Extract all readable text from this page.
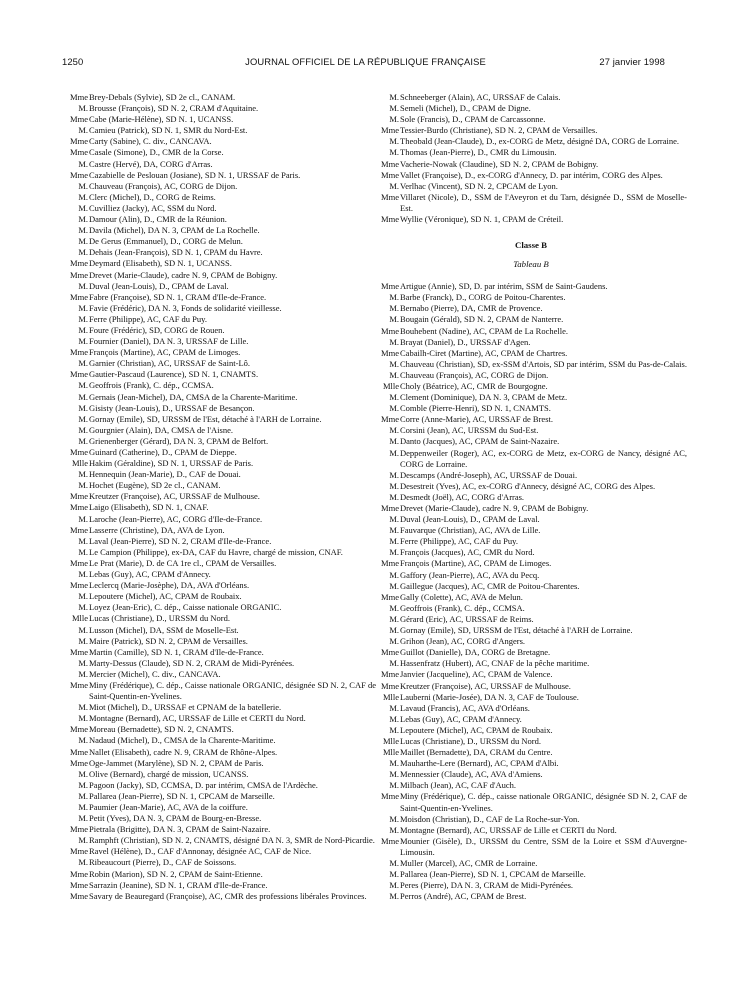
1250	JOURNAL OFFICIEL DE LA RÉPUBLIQUE FRANÇAISE	27 janvier 1998
Mme Brey-Debals (Sylvie), SD 2e cl., CANAM.
M. Brousse (François), SD N. 2, CRAM d'Aquitaine.
Mme Cabe (Marie-Hélène), SD N. 1, UCANSS.
M. Camieu (Patrick), SD N. 1, SMR du Nord-Est.
Mme Carty (Sabine), C. div., CANCAVA.
Mme Casale (Simone), D., CMR de la Corse.
M. Castre (Hervé), DA, CORG d'Arras.
Mme Cazabielle de Peslouan (Josiane), SD N. 1, URSSAF de Paris.
M. Chauveau (François), AC, CORG de Dijon.
M. Clerc (Michel), D., CORG de Reims.
M. Cuvilliez (Jacky), AC, SSM du Nord.
M. Damour (Alin), D., CMR de la Réunion.
M. Davila (Michel), DA N. 3, CPAM de La Rochelle.
M. De Gerus (Emmanuel), D., CORG de Melun.
M. Dehais (Jean-François), SD N. 1, CPAM du Havre.
Mme Deymard (Elisabeth), SD N. 1, UCANSS.
Mme Drevet (Marie-Claude), cadre N. 9, CPAM de Bobigny.
M. Duval (Jean-Louis), D., CPAM de Laval.
Mme Fabre (Françoise), SD N. 1, CRAM d'Ile-de-France.
M. Favie (Frédéric), DA N. 3, Fonds de solidarité vieillesse.
M. Ferre (Philippe), AC, CAF du Puy.
M. Foure (Frédéric), SD, CORG de Rouen.
M. Fournier (Daniel), DA N. 3, URSSAF de Lille.
Mme François (Martine), AC, CPAM de Limoges.
M. Garnier (Christian), AC, URSSAF de Saint-Lô.
Mme Gautier-Pascaud (Laurence), SD N. 1, CNAMTS.
M. Geoffrois (Frank), C. dép., CCMSA.
M. Gernais (Jean-Michel), DA, CMSA de la Charente-Maritime.
M. Gisisty (Jean-Louis), D., URSSAF de Besançon.
M. Gornay (Emile), SD, URSSM de l'Est, détaché à l'ARH de Lorraine.
M. Gourgnier (Alain), DA, CMSA de l'Aisne.
M. Grienenberger (Gérard), DA N. 3, CPAM de Belfort.
Mme Guinard (Catherine), D., CPAM de Dieppe.
Mlle Hakim (Géraldine), SD N. 1, URSSAF de Paris.
M. Hennequin (Jean-Marie), D., CAF de Douai.
M. Hochet (Eugène), SD 2e cl., CANAM.
Mme Kreutzer (Françoise), AC, URSSAF de Mulhouse.
Mme Laigo (Elisabeth), SD N. 1, CNAF.
M. Laroche (Jean-Pierre), AC, CORG d'Ile-de-France.
Mme Lasserre (Christine), DA, AVA de Lyon.
M. Laval (Jean-Pierre), SD N. 2, CRAM d'Ile-de-France.
M. Le Campion (Philippe), ex-DA, CAF du Havre, chargé de mission, CNAF.
Mme Le Prat (Marie), D. de CA 1re cl., CPAM de Versailles.
M. Lebas (Guy), AC, CPAM d'Annecy.
Mme Leclercq (Marie-Josèphe), DA, AVA d'Orléans.
M. Lepoutere (Michel), AC, CPAM de Roubaix.
M. Loyez (Jean-Eric), C. dép., Caisse nationale ORGANIC.
Mlle Lucas (Christiane), D., URSSM du Nord.
M. Lusson (Michel), DA, SSM de Moselle-Est.
M. Maire (Patrick), SD N. 2, CPAM de Versailles.
Mme Martin (Camille), SD N. 1, CRAM d'Ile-de-France.
M. Marty-Dessus (Claude), SD N. 2, CRAM de Midi-Pyrénées.
M. Mercier (Michel), C. div., CANCAVA.
Mme Miny (Frédérique), C. dép., Caisse nationale ORGANIC, désignée SD N. 2, CAF de Saint-Quentin-en-Yvelines.
M. Miot (Michel), D., URSSAF et CPNAM de la batellerie.
M. Montagne (Bernard), AC, URSSAF de Lille et CERTI du Nord.
Mme Moreau (Bernadette), SD N. 2, CNAMTS.
M. Nadaud (Michel), D., CMSA de la Charente-Maritime.
Mme Nallet (Elisabeth), cadre N. 9, CRAM de Rhône-Alpes.
Mme Oge-Jammet (Marylène), SD N. 2, CPAM de Paris.
M. Olive (Bernard), chargé de mission, UCANSS.
M. Pagoon (Jacky), SD, CCMSA, D. par intérim, CMSA de l'Ardèche.
M. Pallarea (Jean-Pierre), SD N. 1, CPCAM de Marseille.
M. Paumier (Jean-Marie), AC, AVA de la coiffure.
M. Petit (Yves), DA N. 3, CPAM de Bourg-en-Bresse.
Mme Pietrala (Brigitte), DA N. 3, CPAM de Saint-Nazaire.
M. Ramphft (Christian), SD N. 2, CNAMTS, désigné DA N. 3, SMR de Nord-Picardie.
Mme Ravel (Hélène), D., CAF d'Annonay, désignée AC, CAF de Nice.
M. Ribeaucourt (Pierre), D., CAF de Soissons.
Mme Robin (Marion), SD N. 2, CPAM de Saint-Etienne.
Mme Sarrazin (Jeanine), SD N. 1, CRAM d'Ile-de-France.
Mme Savary de Beauregard (Françoise), AC, CMR des professions libérales Provinces.
M. Schneeberger (Alain), AC, URSSAF de Calais.
M. Semeli (Michel), D., CPAM de Digne.
M. Sole (Francis), D., CPAM de Carcassonne.
Mme Tessier-Burdo (Christiane), SD N. 2, CPAM de Versailles.
M. Theobald (Jean-Claude), D., ex-CORG de Metz, désigné DA, CORG de Lorraine.
M. Thomas (Jean-Pierre), D., CMR du Limousin.
Mme Vacherie-Nowak (Claudine), SD N. 2, CPAM de Bobigny.
Mme Vallet (Françoise), D., ex-CORG d'Annecy, D. par intérim, CORG des Alpes.
M. Verlhac (Vincent), SD N. 2, CPCAM de Lyon.
Mme Villaret (Nicole), D., SSM de l'Aveyron et du Tarn, désignée D., SSM de Moselle-Est.
Mme Wyllie (Véronique), SD N. 1, CPAM de Créteil.
Classe B
Tableau B
Mme Artigue (Annie), SD, D. par intérim, SSM de Saint-Gaudens.
M. Barbe (Franck), D., CORG de Poitou-Charentes.
M. Bernabo (Pierre), DA, CMR de Provence.
M. Bougain (Gérald), SD N. 2, CPAM de Nanterre.
Mme Bouhebent (Nadine), AC, CPAM de La Rochelle.
M. Brayat (Daniel), D., URSSAF d'Agen.
Mme Cabailh-Ciret (Martine), AC, CPAM de Chartres.
M. Chauveau (Christian), SD, ex-SSM d'Artois, SD par intérim, SSM du Pas-de-Calais.
M. Chauveau (François), AC, CORG de Dijon.
Mlle Choly (Béatrice), AC, CMR de Bourgogne.
M. Clement (Dominique), DA N. 3, CPAM de Metz.
M. Comble (Pierre-Henri), SD N. 1, CNAMTS.
Mme Corre (Anne-Marie), AC, URSSAF de Brest.
M. Corsini (Jean), AC, URSSM du Sud-Est.
M. Danto (Jacques), AC, CPAM de Saint-Nazaire.
M. Deppenweiler (Roger), AC, ex-CORG de Metz, ex-CORG de Nancy, désigné AC, CORG de Lorraine.
M. Descamps (André-Joseph), AC, URSSAF de Douai.
M. Desestreit (Yves), AC, ex-CORG d'Annecy, désigné AC, CORG des Alpes.
M. Desmedt (Joël), AC, CORG d'Arras.
Mme Drevet (Marie-Claude), cadre N. 9, CPAM de Bobigny.
M. Duval (Jean-Louis), D., CPAM de Laval.
M. Fauvarque (Christian), AC, AVA de Lille.
M. Ferre (Philippe), AC, CAF du Puy.
M. François (Jacques), AC, CMR du Nord.
Mme François (Martine), AC, CPAM de Limoges.
M. Gaffory (Jean-Pierre), AC, AVA du Pecq.
M. Gaillegue (Jacques), AC, CMR de Poitou-Charentes.
Mme Gally (Colette), AC, AVA de Melun.
M. Geoffrois (Frank), C. dép., CCMSA.
M. Gérard (Eric), AC, URSSAF de Reims.
M. Gornay (Emile), SD, URSSM de l'Est, détaché à l'ARH de Lorraine.
M. Grihon (Jean), AC, CORG d'Angers.
Mme Guillot (Danielle), DA, CORG de Bretagne.
M. Hassenfratz (Hubert), AC, CNAF de la pêche maritime.
Mme Janvier (Jacqueline), AC, CPAM de Valence.
Mme Kreutzer (Françoise), AC, URSSAF de Mulhouse.
Mlle Lauberni (Marie-Josée), DA N. 3, CAF de Toulouse.
M. Lavaud (Francis), AC, AVA d'Orléans.
M. Lebas (Guy), AC, CPAM d'Annecy.
M. Lepoutere (Michel), AC, CPAM de Roubaix.
Mlle Lucas (Christiane), D., URSSM du Nord.
Mlle Maillet (Bernadette), DA, CRAM du Centre.
M. Mauharthe-Lere (Bernard), AC, CPAM d'Albi.
M. Mennessier (Claude), AC, AVA d'Amiens.
M. Milbach (Jean), AC, CAF d'Auch.
Mme Miny (Frédérique), C. dép., caisse nationale ORGANIC, désignée SD N. 2, CAF de Saint-Quentin-en-Yvelines.
M. Moisdon (Christian), D., CAF de La Roche-sur-Yon.
M. Montagne (Bernard), AC, URSSAF de Lille et CERTI du Nord.
Mme Mounier (Gisèle), D., URSSM du Centre, SSM de la Loire et SSM d'Auvergne-Limousin.
M. Muller (Marcel), AC, CMR de Lorraine.
M. Pallarea (Jean-Pierre), SD N. 1, CPCAM de Marseille.
M. Peres (Pierre), DA N. 3, CRAM de Midi-Pyrénées.
M. Perros (André), AC, CPAM de Brest.
